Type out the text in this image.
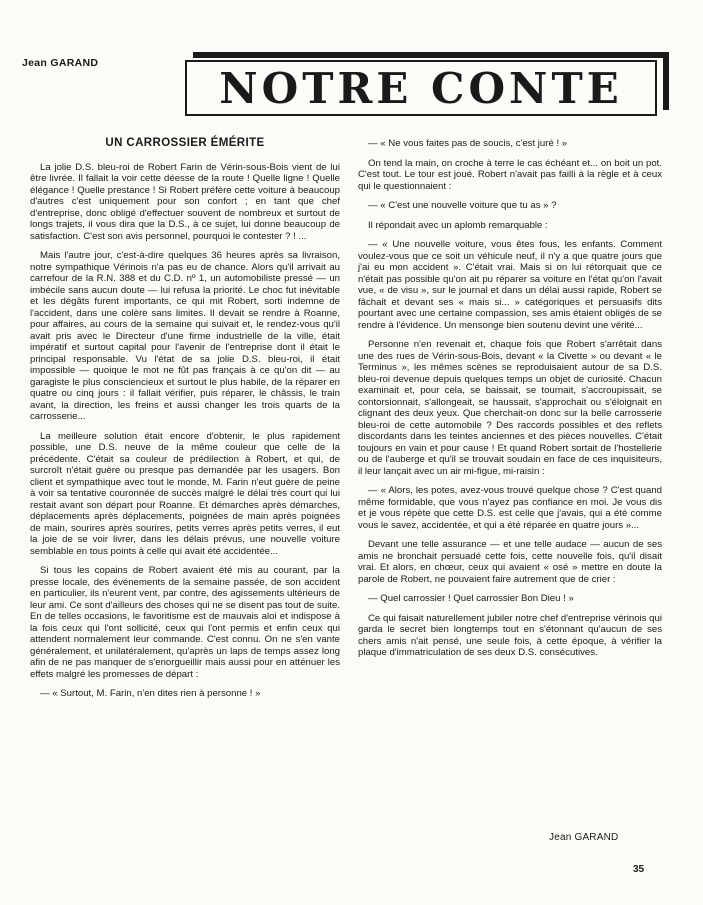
Jean GARAND
NOTRE CONTE
UN CARROSSIER ÉMÉRITE

La jolie D.S. bleu-roi de Robert Farin de Vérin-sous-Bois vient de lui être livrée. Il fallait la voir cette déesse de la route ! Quelle ligne ! Quelle élégance ! Quelle prestance ! Si Robert préfère cette voiture à beaucoup d'autres c'est uniquement pour son confort ; en tant que chef d'entreprise, donc obligé d'effectuer souvent de nombreux et surtout de longs trajets, il vous dira que la D.S., à ce sujet, lui donne beaucoup de satisfaction. C'est son avis personnel, pourquoi le contester ? ! ...

Mais l'autre jour, c'est-à-dire quelques 36 heures après sa livraison, notre sympathique Vérinois n'a pas eu de chance. Alors qu'il arrivait au carrefour de la R.N. 388 et du C.D. nº 1, un automobiliste pressé — un imbécile sans aucun doute — lui refusa la priorité. Le choc fut inévitable et les dégâts furent importants, ce qui mit Robert, sorti indemne de l'accident, dans une colère sans limites. Il devait se rendre à Roanne, pour affaires, au cours de la semaine qui suivait et, le rendez-vous qu'il avait pris avec le Directeur d'une firme industrielle de la ville, était impératif et surtout capital pour l'avenir de l'entreprise dont il était le principal responsable. Vu l'état de sa jolie D.S. bleu-roi, il était impossible — quoique le mot ne fût pas français à ce qu'on dit — au garagiste le plus consciencieux et surtout le plus habile, de la réparer en quatre ou cinq jours : il fallait vérifier, puis réparer, le châssis, le train avant, la direction, les freins et aussi changer les trois quarts de la carrosserie...

La meilleure solution était encore d'obtenir, le plus rapidement possible, une D.S. neuve de la même couleur que celle de la précédente. C'était sa couleur de prédilection à Robert, et qui, de surcroît n'était guère ou presque pas demandée par les usagers. Bon client et sympathique avec tout le monde, M. Farin n'eut guère de peine à voir sa tentative couronnée de succès malgré le délai très court qui lui restait avant son départ pour Roanne. Et démarches après démarches, déplacements après déplacements, poignées de main après poignées de main, sourires après sourires, petits verres après petits verres, il eut la joie de se voir livrer, dans les délais prévus, une nouvelle voiture semblable en tous points à celle qui avait été accidentée...

Si tous les copains de Robert avaient été mis au courant, par la presse locale, des événements de la semaine passée, de son accident en particulier, ils n'eurent vent, par contre, des agissements ultérieurs de leur ami. Ce sont d'ailleurs des choses qui ne se disent pas tout de suite. En de telles occasions, le favoritisme est de mauvais aloi et indispose à la fois ceux qui l'ont sollicité, ceux qui l'ont permis et enfin ceux qui attendent normalement leur commande. C'est connu. On ne s'en vante généralement, et unilatéralement, qu'après un laps de temps assez long afin de ne pas manquer de s'enorgueillir mais aussi pour en atténuer les effets malgré les promesses de départ :

— « Surtout, M. Farin, n'en dites rien à personne ! »

— « Ne vous faites pas de soucis, c'est juré ! »

On tend la main, on croche à terre le cas échéant et... on boit un pot. C'est tout. Le tour est joué. Robert n'avait pas failli à la règle et à ceux qui le questionnaient :

— « C'est une nouvelle voiture que tu as » ?

Il répondait avec un aplomb remarquable :

— « Une nouvelle voiture, vous êtes fous, les enfants. Comment voulez-vous que ce soit un véhicule neuf, il n'y a que quatre jours que j'ai eu mon accident ». C'était vrai. Mais si on lui rétorquait que ce n'était pas possible qu'on ait pu réparer sa voiture en l'état qu'on l'avait vue, « de visu », sur le journal et dans un délai aussi rapide, Robert se fâchait et devant ses « mais si... » catégoriques et persuasifs dits pourtant avec une certaine compassion, ses amis étaient obligés de se rendre à l'évidence. Un mensonge bien soutenu devint une vérité...

Personne n'en revenait et, chaque fois que Robert s'arrêtait dans une des rues de Vérin-sous-Bois, devant « la Civette » ou devant « le Terminus », les mêmes scènes se reproduisaient autour de sa D.S. bleu-roi devenue depuis quelques temps un objet de curiosité. Chacun examinait et, pour cela, se baissait, se tournait, s'accroupissait, se contorsionnait, s'allongeait, se haussait, s'approchait ou s'éloignait en clignant des deux yeux. Que cherchait-on donc sur la belle carrosserie bleu-roi de cette automobile ? Des raccords possibles et des reflets discordants dans les teintes anciennes et des pièces nouvelles. C'était toujours en vain et pour cause ! Et quand Robert sortait de l'hostellerie ou de l'auberge et qu'il se trouvait soudain en face de ces inquisiteurs, il leur lançait avec un air mi-figue, mi-raisin :

— « Alors, les potes, avez-vous trouvé quelque chose ? C'est quand même formidable, que vous n'ayez pas confiance en moi. Je vous dis et je vous répète que cette D.S. est celle que j'avais, qui a été comme vous le savez, accidentée, et qui a été réparée en quatre jours »...

Devant une telle assurance — et une telle audace — aucun de ses amis ne bronchait persuadé cette fois, cette nouvelle fois, qu'il disait vrai. Et alors, en chœur, ceux qui avaient « osé » mettre en doute la parole de Robert, ne pouvaient faire autrement que de crier :

— Quel carrossier ! Quel carrossier Bon Dieu ! »

Ce qui faisait naturellement jubiler notre chef d'entreprise vérinois qui garda le secret bien longtemps tout en s'étonnant qu'aucun de ses chers amis n'ait pensé, une seule fois, à cette époque, à vérifier la plaque d'immatriculation de ses deux D.S. consécutives.

Jean GARAND
35
